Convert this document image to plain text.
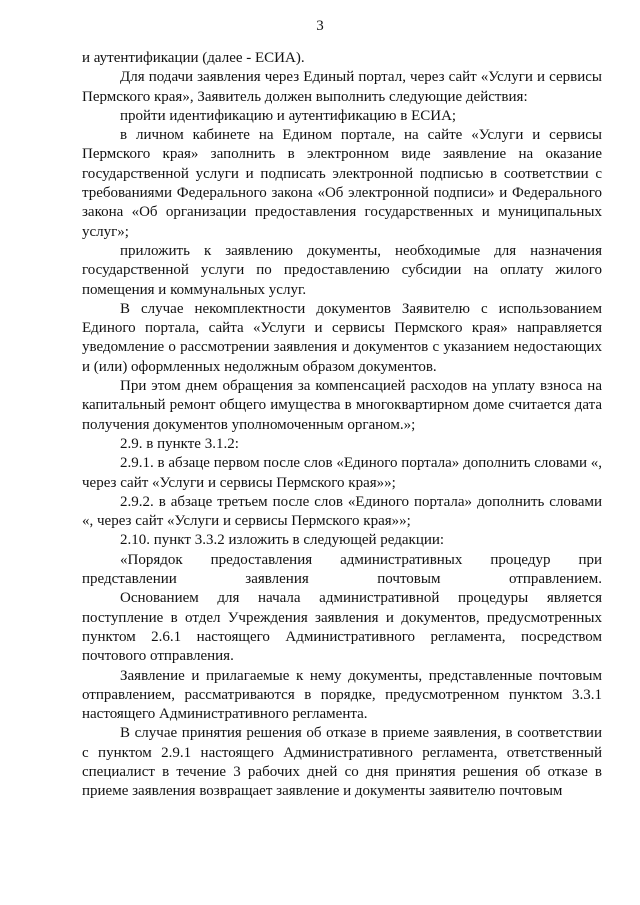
3

и аутентификации (далее - ЕСИА).

Для подачи заявления через Единый портал, через сайт «Услуги и сервисы Пермского края», Заявитель должен выполнить следующие действия:

пройти идентификацию и аутентификацию в ЕСИА;

в личном кабинете на Едином портале, на сайте «Услуги и сервисы Пермского края» заполнить в электронном виде заявление на оказание государственной услуги и подписать электронной подписью в соответствии с требованиями Федерального закона «Об электронной подписи» и Федерального закона «Об организации предоставления государственных и муниципальных услуг»;

приложить к заявлению документы, необходимые для назначения государственной услуги по предоставлению субсидии на оплату жилого помещения и коммунальных услуг.

В случае некомплектности документов Заявителю с использованием Единого портала, сайта «Услуги и сервисы Пермского края» направляется уведомление о рассмотрении заявления и документов с указанием недостающих и (или) оформленных недолжным образом документов.

При этом днем обращения за компенсацией расходов на уплату взноса на капитальный ремонт общего имущества в многоквартирном доме считается дата получения документов уполномоченным органом.»;

2.9. в пункте 3.1.2:

2.9.1. в абзаце первом после слов «Единого портала» дополнить словами «, через сайт «Услуги и сервисы Пермского края»»;

2.9.2. в абзаце третьем после слов «Единого портала» дополнить словами «, через сайт «Услуги и сервисы Пермского края»»;

2.10. пункт 3.3.2 изложить в следующей редакции:

«Порядок предоставления административных процедур при представлении заявления почтовым отправлением.

Основанием для начала административной процедуры является поступление в отдел Учреждения заявления и документов, предусмотренных пунктом 2.6.1 настоящего Административного регламента, посредством почтового отправления.

Заявление и прилагаемые к нему документы, представленные почтовым отправлением, рассматриваются в порядке, предусмотренном пунктом 3.3.1 настоящего Административного регламента.

В случае принятия решения об отказе в приеме заявления, в соответствии с пунктом 2.9.1 настоящего Административного регламента, ответственный специалист в течение 3 рабочих дней со дня принятия решения об отказе в приеме заявления возвращает заявление и документы заявителю почтовым
